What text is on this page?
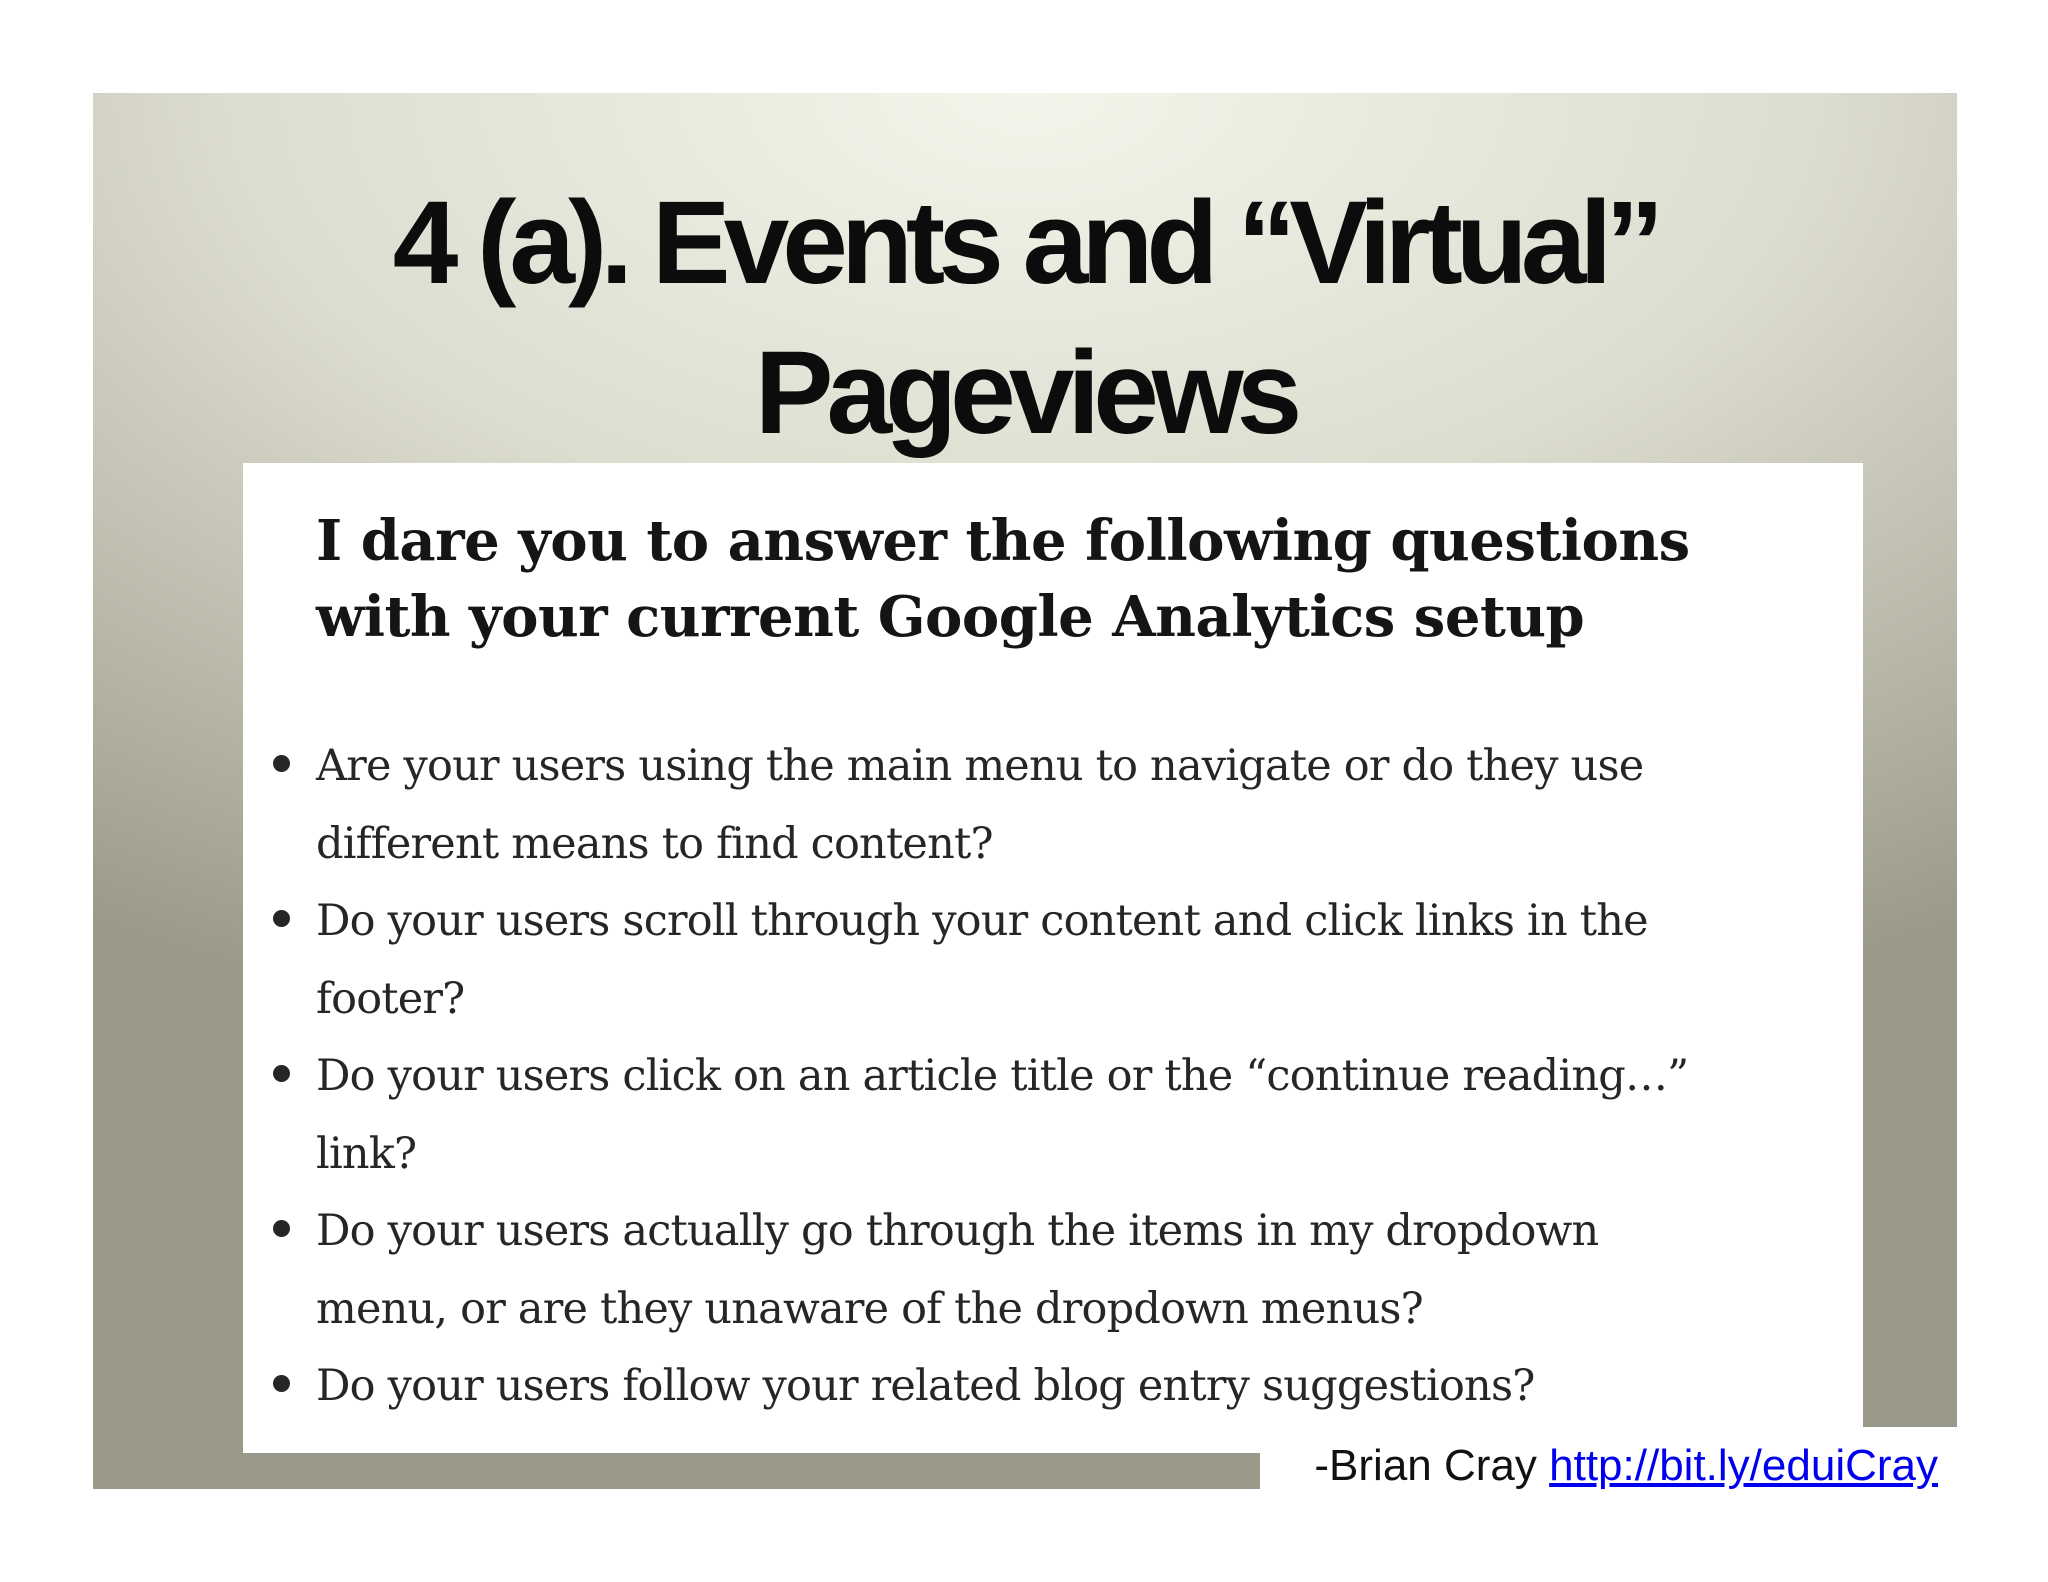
4 (a). Events and “Virtual”
Pageviews
I dare you to answer the following questions
with your current Google Analytics setup
Are your users using the main menu to navigate or do they use
different means to find content?
Do your users scroll through your content and click links in the
footer?
Do your users click on an article title or the “continue reading…”
link?
Do your users actually go through the items in my dropdown
menu, or are they unaware of the dropdown menus?
Do your users follow your related blog entry suggestions?

-Brian Cray http://bit.ly/eduiCray
